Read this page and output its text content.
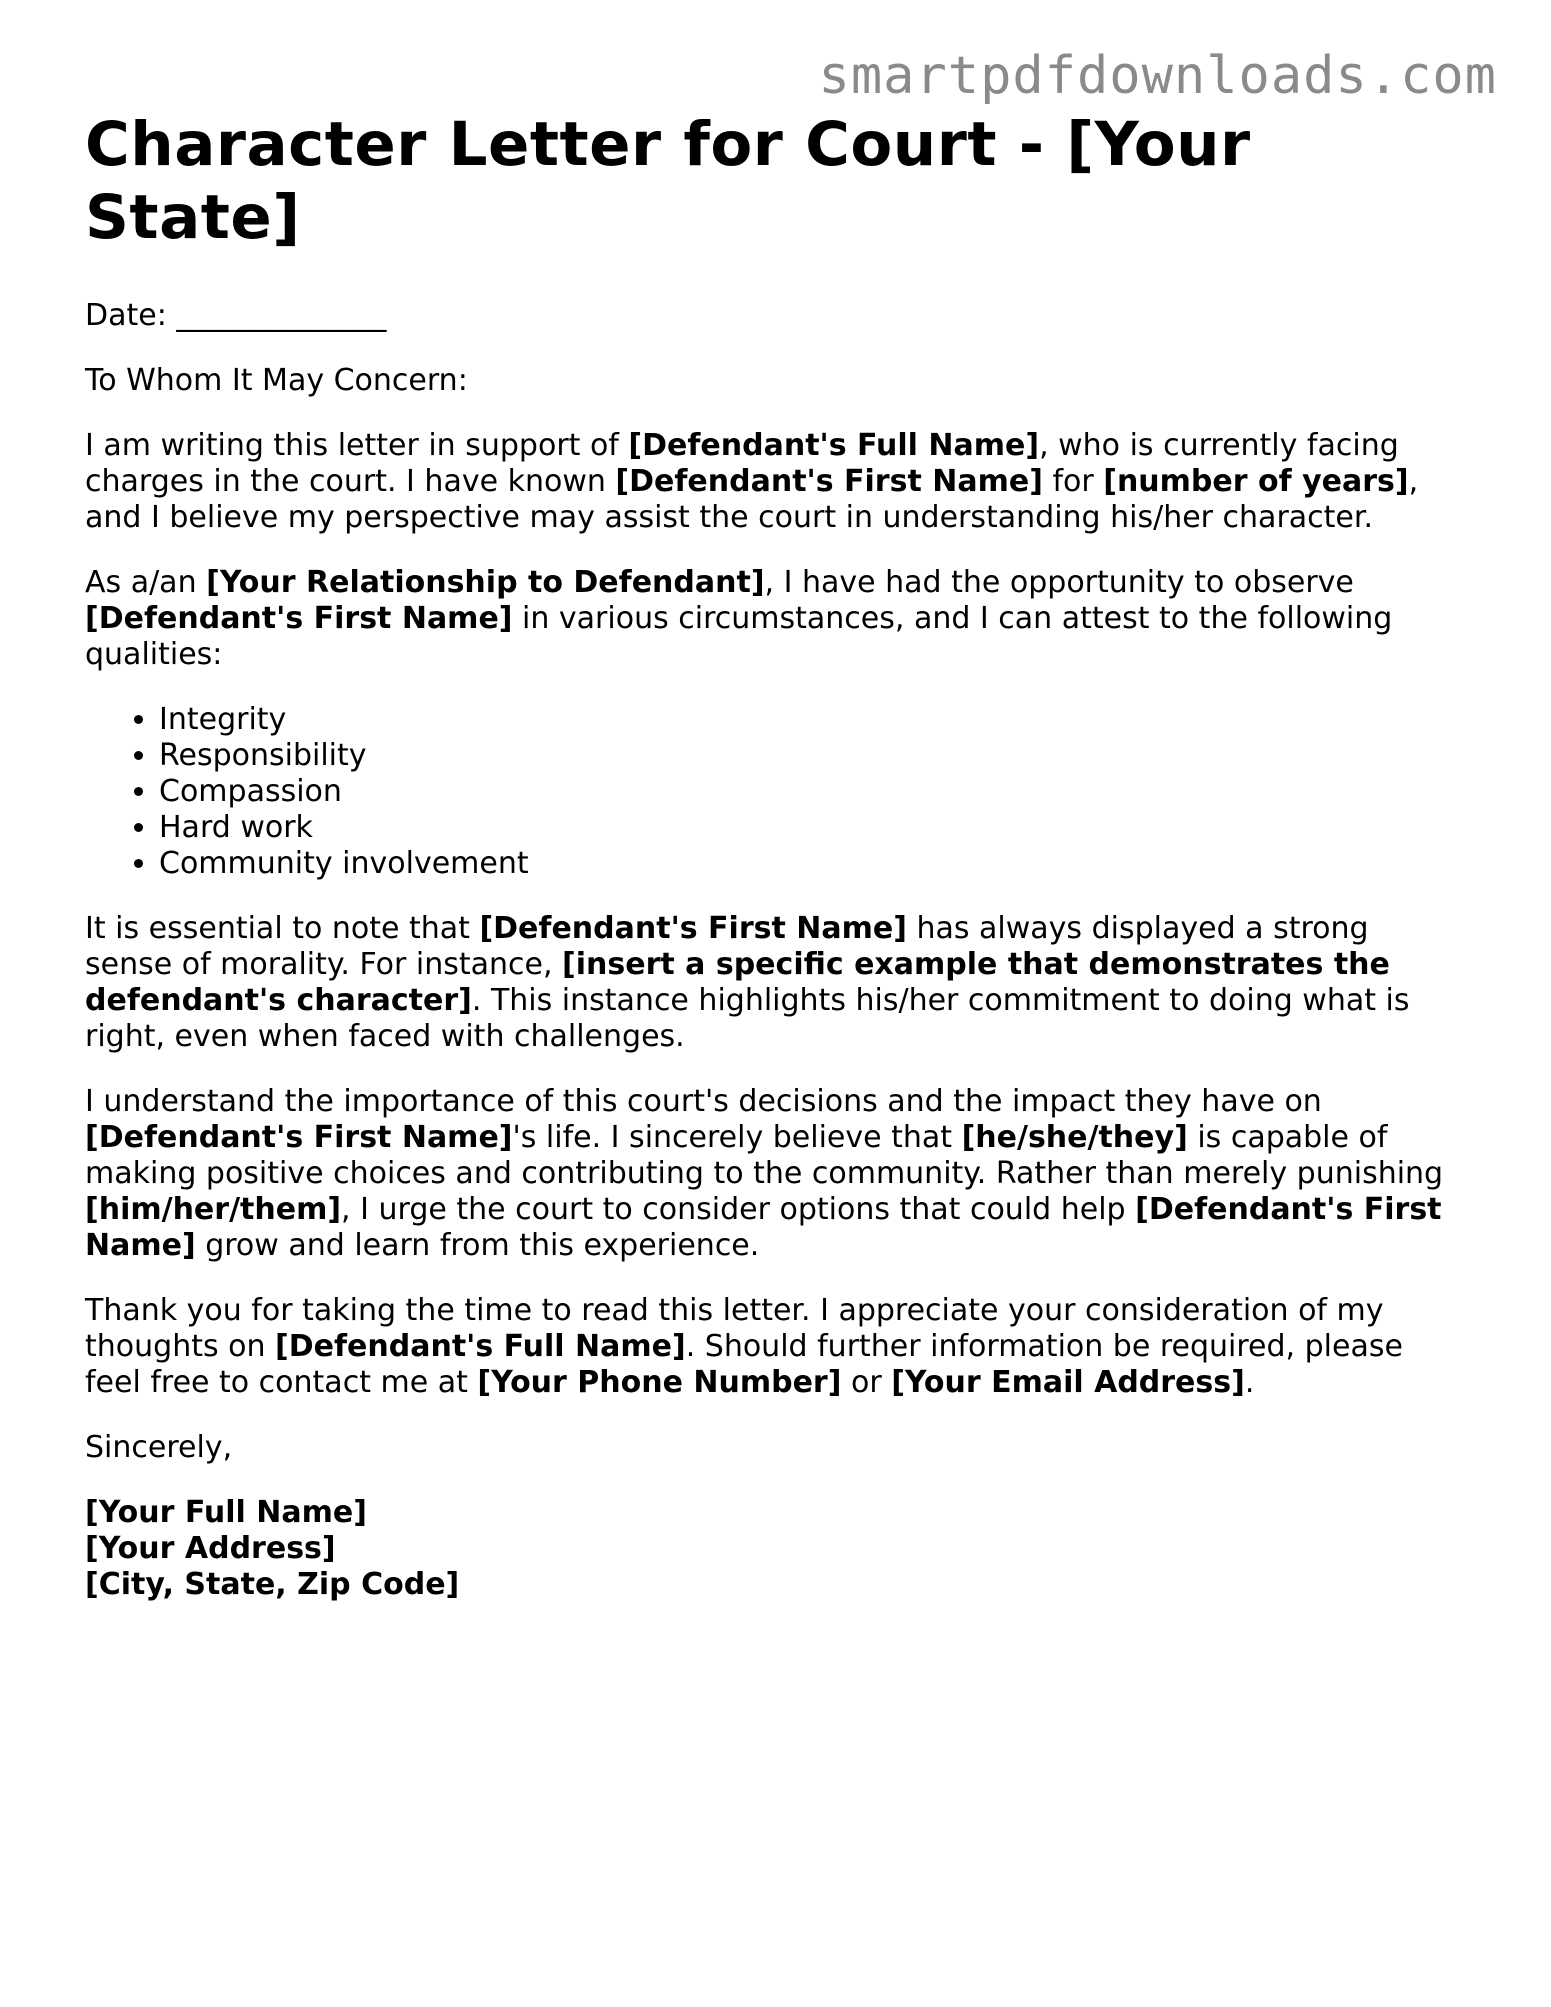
smartpdfdownloads.com
Character Letter for Court - [Your State]

Date: ______________

To Whom It May Concern:

I am writing this letter in support of [Defendant's Full Name], who is currently facing charges in the court. I have known [Defendant's First Name] for [number of years], and I believe my perspective may assist the court in understanding his/her character.

As a/an [Your Relationship to Defendant], I have had the opportunity to observe [Defendant's First Name] in various circumstances, and I can attest to the following qualities:

• Integrity
• Responsibility
• Compassion
• Hard work
• Community involvement

It is essential to note that [Defendant's First Name] has always displayed a strong sense of morality. For instance, [insert a specific example that demonstrates the defendant's character]. This instance highlights his/her commitment to doing what is right, even when faced with challenges.

I understand the importance of this court's decisions and the impact they have on [Defendant's First Name]'s life. I sincerely believe that [he/she/they] is capable of making positive choices and contributing to the community. Rather than merely punishing [him/her/them], I urge the court to consider options that could help [Defendant's First Name] grow and learn from this experience.

Thank you for taking the time to read this letter. I appreciate your consideration of my thoughts on [Defendant's Full Name]. Should further information be required, please feel free to contact me at [Your Phone Number] or [Your Email Address].

Sincerely,

[Your Full Name]
[Your Address]
[City, State, Zip Code]
